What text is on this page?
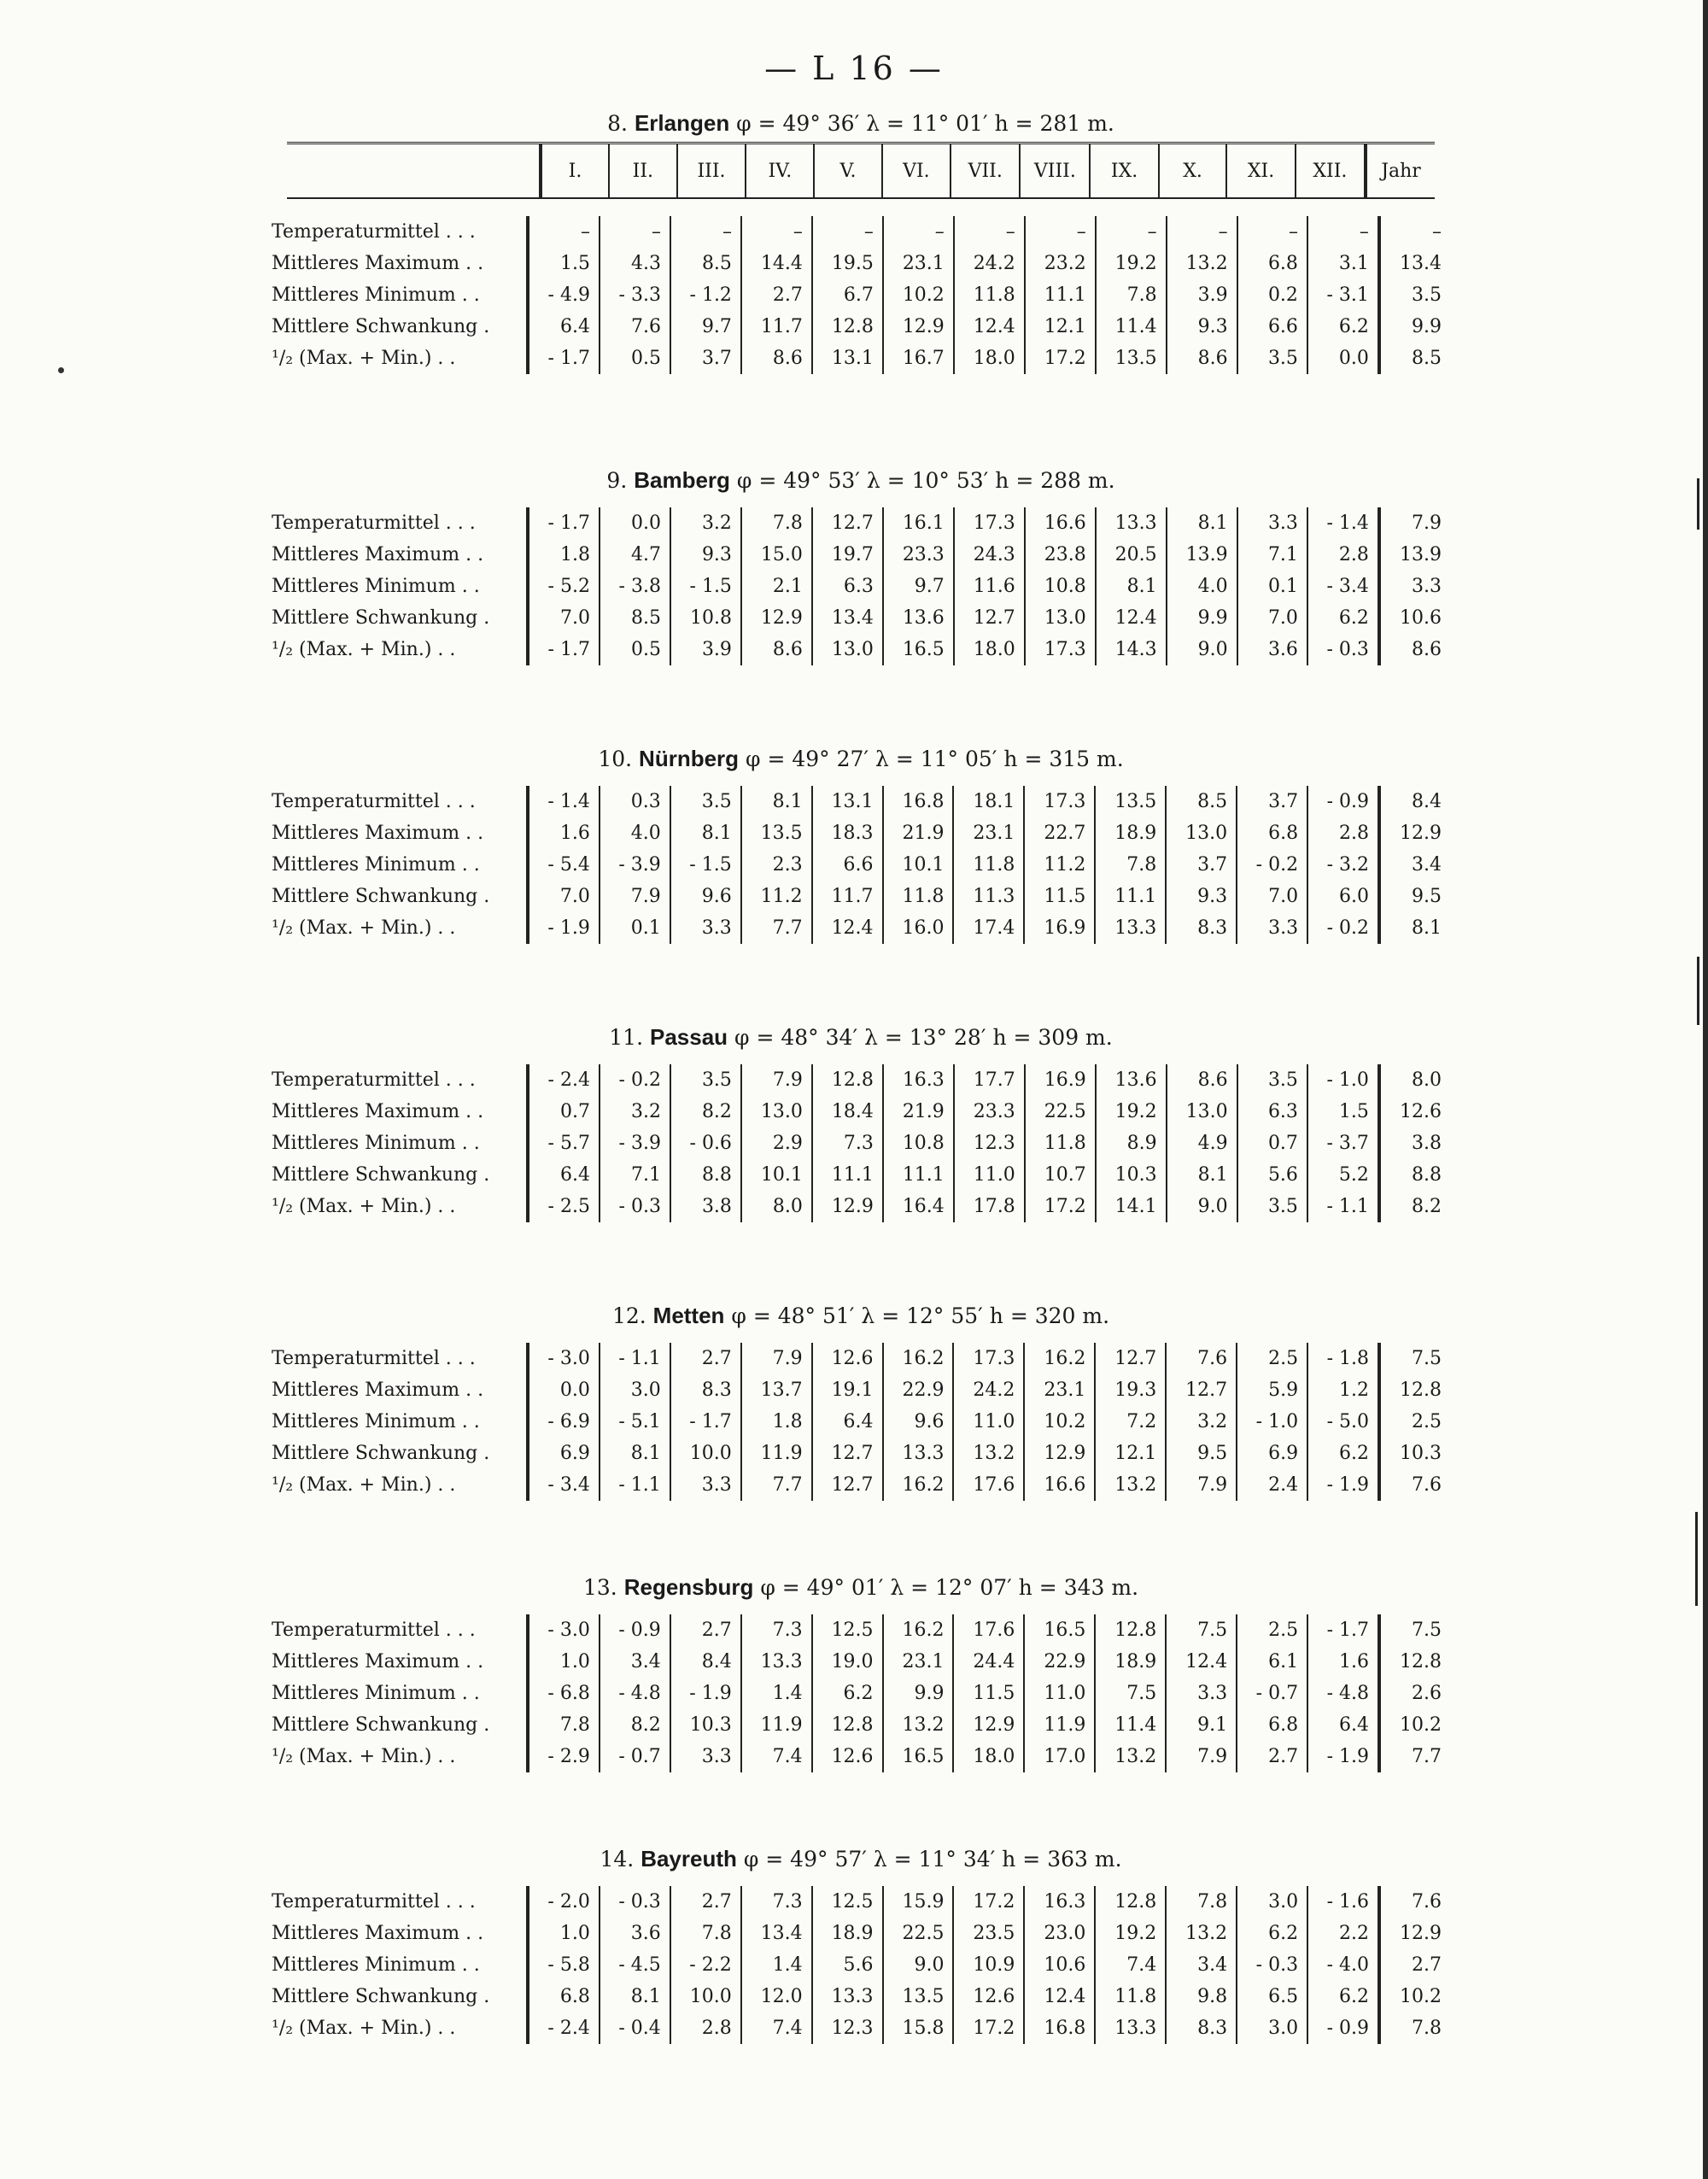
— L 16 —
8. Erlangen φ = 49° 36′ λ = 11° 01′ h = 281 m.
I.	II.	III.	IV.	V.	VI.	VII.	VIII.	IX.	X.	XI.	XII.	Jahr
Temperaturmittel . . .	–	–	–	–	–	–	–	–	–	–	–	–	–
Mittleres Maximum . .	1.5	4.3	8.5	14.4	19.5	23.1	24.2	23.2	19.2	13.2	6.8	3.1	13.4
Mittleres Minimum . .	- 4.9	- 3.3	- 1.2	2.7	6.7	10.2	11.8	11.1	7.8	3.9	0.2	- 3.1	3.5
Mittlere Schwankung .	6.4	7.6	9.7	11.7	12.8	12.9	12.4	12.1	11.4	9.3	6.6	6.2	9.9
¹/₂ (Max. + Min.) . .	- 1.7	0.5	3.7	8.6	13.1	16.7	18.0	17.2	13.5	8.6	3.5	0.0	8.5
9. Bamberg φ = 49° 53′ λ = 10° 53′ h = 288 m.
Temperaturmittel . . .	- 1.7	0.0	3.2	7.8	12.7	16.1	17.3	16.6	13.3	8.1	3.3	- 1.4	7.9
Mittleres Maximum . .	1.8	4.7	9.3	15.0	19.7	23.3	24.3	23.8	20.5	13.9	7.1	2.8	13.9
Mittleres Minimum . .	- 5.2	- 3.8	- 1.5	2.1	6.3	9.7	11.6	10.8	8.1	4.0	0.1	- 3.4	3.3
Mittlere Schwankung .	7.0	8.5	10.8	12.9	13.4	13.6	12.7	13.0	12.4	9.9	7.0	6.2	10.6
¹/₂ (Max. + Min.) . .	- 1.7	0.5	3.9	8.6	13.0	16.5	18.0	17.3	14.3	9.0	3.6	- 0.3	8.6
10. Nürnberg φ = 49° 27′ λ = 11° 05′ h = 315 m.
Temperaturmittel . . .	- 1.4	0.3	3.5	8.1	13.1	16.8	18.1	17.3	13.5	8.5	3.7	- 0.9	8.4
Mittleres Maximum . .	1.6	4.0	8.1	13.5	18.3	21.9	23.1	22.7	18.9	13.0	6.8	2.8	12.9
Mittleres Minimum . .	- 5.4	- 3.9	- 1.5	2.3	6.6	10.1	11.8	11.2	7.8	3.7	- 0.2	- 3.2	3.4
Mittlere Schwankung .	7.0	7.9	9.6	11.2	11.7	11.8	11.3	11.5	11.1	9.3	7.0	6.0	9.5
¹/₂ (Max. + Min.) . .	- 1.9	0.1	3.3	7.7	12.4	16.0	17.4	16.9	13.3	8.3	3.3	- 0.2	8.1
11. Passau φ = 48° 34′ λ = 13° 28′ h = 309 m.
Temperaturmittel . . .	- 2.4	- 0.2	3.5	7.9	12.8	16.3	17.7	16.9	13.6	8.6	3.5	- 1.0	8.0
Mittleres Maximum . .	0.7	3.2	8.2	13.0	18.4	21.9	23.3	22.5	19.2	13.0	6.3	1.5	12.6
Mittleres Minimum . .	- 5.7	- 3.9	- 0.6	2.9	7.3	10.8	12.3	11.8	8.9	4.9	0.7	- 3.7	3.8
Mittlere Schwankung .	6.4	7.1	8.8	10.1	11.1	11.1	11.0	10.7	10.3	8.1	5.6	5.2	8.8
¹/₂ (Max. + Min.) . .	- 2.5	- 0.3	3.8	8.0	12.9	16.4	17.8	17.2	14.1	9.0	3.5	- 1.1	8.2
12. Metten φ = 48° 51′ λ = 12° 55′ h = 320 m.
Temperaturmittel . . .	- 3.0	- 1.1	2.7	7.9	12.6	16.2	17.3	16.2	12.7	7.6	2.5	- 1.8	7.5
Mittleres Maximum . .	0.0	3.0	8.3	13.7	19.1	22.9	24.2	23.1	19.3	12.7	5.9	1.2	12.8
Mittleres Minimum . .	- 6.9	- 5.1	- 1.7	1.8	6.4	9.6	11.0	10.2	7.2	3.2	- 1.0	- 5.0	2.5
Mittlere Schwankung .	6.9	8.1	10.0	11.9	12.7	13.3	13.2	12.9	12.1	9.5	6.9	6.2	10.3
¹/₂ (Max. + Min.) . .	- 3.4	- 1.1	3.3	7.7	12.7	16.2	17.6	16.6	13.2	7.9	2.4	- 1.9	7.6
13. Regensburg φ = 49° 01′ λ = 12° 07′ h = 343 m.
Temperaturmittel . . .	- 3.0	- 0.9	2.7	7.3	12.5	16.2	17.6	16.5	12.8	7.5	2.5	- 1.7	7.5
Mittleres Maximum . .	1.0	3.4	8.4	13.3	19.0	23.1	24.4	22.9	18.9	12.4	6.1	1.6	12.8
Mittleres Minimum . .	- 6.8	- 4.8	- 1.9	1.4	6.2	9.9	11.5	11.0	7.5	3.3	- 0.7	- 4.8	2.6
Mittlere Schwankung .	7.8	8.2	10.3	11.9	12.8	13.2	12.9	11.9	11.4	9.1	6.8	6.4	10.2
¹/₂ (Max. + Min.) . .	- 2.9	- 0.7	3.3	7.4	12.6	16.5	18.0	17.0	13.2	7.9	2.7	- 1.9	7.7
14. Bayreuth φ = 49° 57′ λ = 11° 34′ h = 363 m.
Temperaturmittel . . .	- 2.0	- 0.3	2.7	7.3	12.5	15.9	17.2	16.3	12.8	7.8	3.0	- 1.6	7.6
Mittleres Maximum . .	1.0	3.6	7.8	13.4	18.9	22.5	23.5	23.0	19.2	13.2	6.2	2.2	12.9
Mittleres Minimum . .	- 5.8	- 4.5	- 2.2	1.4	5.6	9.0	10.9	10.6	7.4	3.4	- 0.3	- 4.0	2.7
Mittlere Schwankung .	6.8	8.1	10.0	12.0	13.3	13.5	12.6	12.4	11.8	9.8	6.5	6.2	10.2
¹/₂ (Max. + Min.) . .	- 2.4	- 0.4	2.8	7.4	12.3	15.8	17.2	16.8	13.3	8.3	3.0	- 0.9	7.8
